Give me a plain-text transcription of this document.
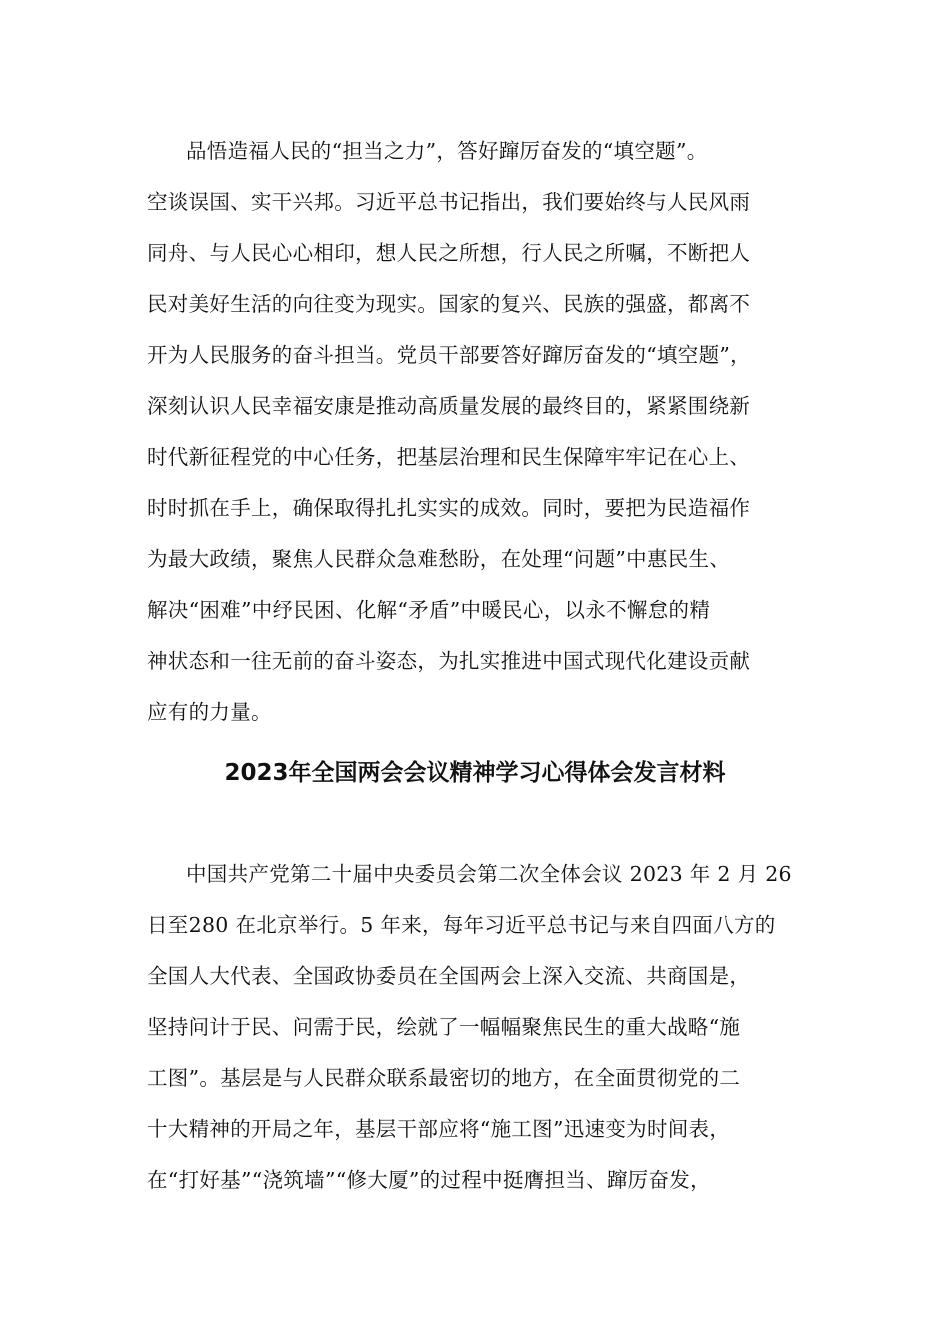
品悟造福人民的“担当之力”，答好蹿厉奋发的“填空题”。
空谈误国、实干兴邦。习近平总书记指出，我们要始终与人民风雨
同舟、与人民心心相印，想人民之所想，行人民之所嘱，不断把人
民对美好生活的向往变为现实。国家的复兴、民族的强盛，都离不
开为人民服务的奋斗担当。党员干部要答好蹿厉奋发的“填空题”，
深刻认识人民幸福安康是推动高质量发展的最终目的，紧紧围绕新
时代新征程党的中心任务，把基层治理和民生保障牢牢记在心上、
时时抓在手上，确保取得扎扎实实的成效。同时，要把为民造福作
为最大政绩，聚焦人民群众急难愁盼，在处理“问题”中惠民生、
解决“困难”中纾民困、化解“矛盾”中暖民心，以永不懈怠的精
神状态和一往无前的奋斗姿态，为扎实推进中国式现代化建设贡献
应有的力量。
2023年全国两会会议精神学习心得体会发言材料
中国共产党第二十届中央委员会第二次全体会议 2023 年 2 月 26
日至280 在北京举行。5 年来，每年习近平总书记与来自四面八方的
全国人大代表、全国政协委员在全国两会上深入交流、共商国是，
坚持问计于民、问需于民，绘就了一幅幅聚焦民生的重大战略“施
工图”。基层是与人民群众联系最密切的地方，在全面贯彻党的二
十大精神的开局之年，基层干部应将“施工图”迅速变为时间表，
在“打好基”“浇筑墙”“修大厦”的过程中挺膺担当、蹿厉奋发，
